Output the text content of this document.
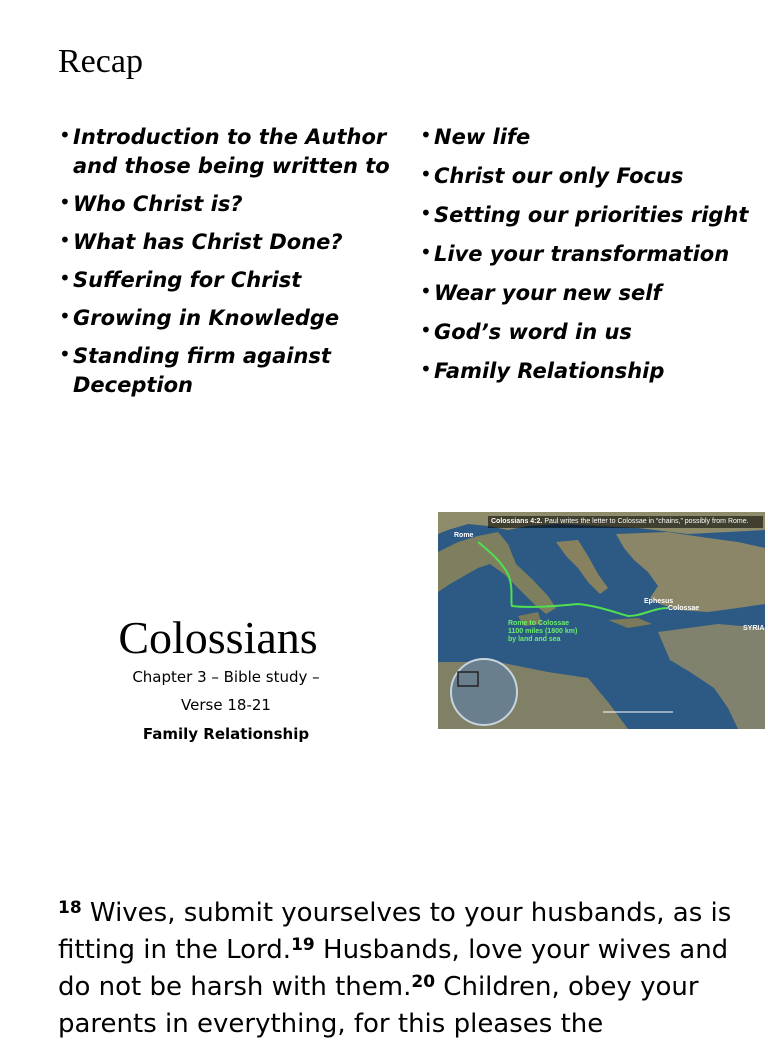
Recap
• Introduction to the Author and those being written to
• Who Christ is?
• What has Christ Done?
• Suffering for Christ
• Growing in Knowledge
• Standing firm against Deception
• New life
• Christ our only Focus
• Setting our priorities right
• Live your transformation
• Wear your new self
• God’s word in us
• Family Relationship
Colossians
Chapter 3 – Bible study –
Verse 18-21
Family Relationship
Colossians 4:2. Paul writes the letter to Colossae in “chains,” possibly from Rome.
Rome
Ephesus
Colossae
SYRIA
Rome to Colossae
1100 miles (1800 km)
by land and sea

$^{18}$ Wives, submit yourselves to your husbands, as is fitting in the Lord.$^{19}$ Husbands, love your wives and do not be harsh with them.$^{20}$ Children, obey your parents in everything, for this pleases the
